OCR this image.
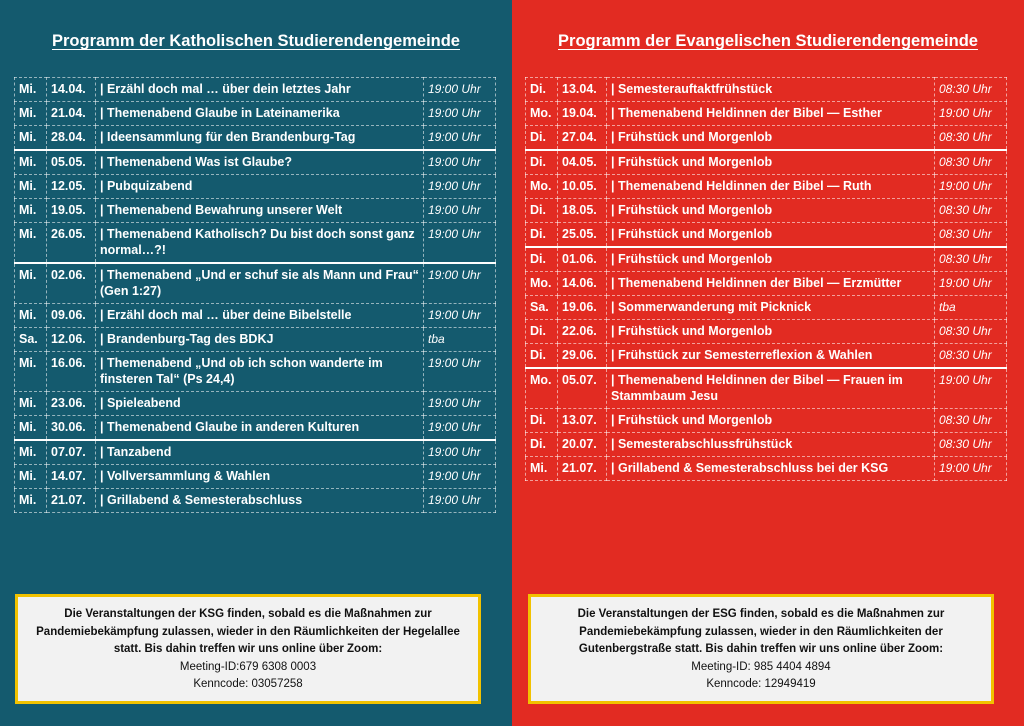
Programm der Katholischen Studierendengemeinde
Mi.	14.04.	| Erzähl doch mal … über dein letztes Jahr	19:00 Uhr
Mi.	21.04.	| Themenabend Glaube in Lateinamerika	19:00 Uhr
Mi.	28.04.	| Ideensammlung für den Brandenburg-Tag	19:00 Uhr
Mi.	05.05.	| Themenabend Was ist Glaube?	19:00 Uhr
Mi.	12.05.	| Pubquizabend	19:00 Uhr
Mi.	19.05.	| Themenabend Bewahrung unserer Welt	19:00 Uhr
Mi.	26.05.	| Themenabend Katholisch? Du bist doch sonst ganz normal…?!	19:00 Uhr
Mi.	02.06.	| Themenabend „Und er schuf sie als Mann und Frau“ (Gen 1:27)	19:00 Uhr
Mi.	09.06.	| Erzähl doch mal … über deine Bibelstelle	19:00 Uhr
Sa.	12.06.	| Brandenburg-Tag des BDKJ	tba
Mi.	16.06.	| Themenabend „Und ob ich schon wanderte im finsteren Tal“ (Ps 24,4)	19:00 Uhr
Mi.	23.06.	| Spieleabend	19:00 Uhr
Mi.	30.06.	| Themenabend Glaube in anderen Kulturen	19:00 Uhr
Mi.	07.07.	| Tanzabend	19:00 Uhr
Mi.	14.07.	| Vollversammlung & Wahlen	19:00 Uhr
Mi.	21.07.	| Grillabend & Semesterabschluss	19:00 Uhr
Die Veranstaltungen der KSG finden, sobald es die Maßnahmen zur Pandemiebekämpfung zulassen, wieder in den Räumlichkeiten der Hegelallee statt. Bis dahin treffen wir uns online über Zoom:
Meeting-ID:679 6308 0003
Kenncode: 03057258
Programm der Evangelischen Studierendengemeinde
Di.	13.04.	| Semesterauftaktfrühstück	08:30 Uhr
Mo.	19.04.	| Themenabend Heldinnen der Bibel — Esther	19:00 Uhr
Di.	27.04.	| Frühstück und Morgenlob	08:30 Uhr
Di.	04.05.	| Frühstück und Morgenlob	08:30 Uhr
Mo.	10.05.	| Themenabend Heldinnen der Bibel — Ruth	19:00 Uhr
Di.	18.05.	| Frühstück und Morgenlob	08:30 Uhr
Di.	25.05.	| Frühstück und Morgenlob	08:30 Uhr
Di.	01.06.	| Frühstück und Morgenlob	08:30 Uhr
Mo.	14.06.	| Themenabend Heldinnen der Bibel — Erzmütter	19:00 Uhr
Sa.	19.06.	| Sommerwanderung mit Picknick	tba
Di.	22.06.	| Frühstück und Morgenlob	08:30 Uhr
Di.	29.06.	| Frühstück zur Semesterreflexion & Wahlen	08:30 Uhr
Mo.	05.07.	| Themenabend Heldinnen der Bibel — Frauen im Stammbaum Jesu	19:00 Uhr
Di.	13.07.	| Frühstück und Morgenlob	08:30 Uhr
Di.	20.07.	| Semesterabschlussfrühstück	08:30 Uhr
Mi.	21.07.	| Grillabend & Semesterabschluss bei der KSG	19:00 Uhr
Die Veranstaltungen der ESG finden, sobald es die Maßnahmen zur Pandemiebekämpfung zulassen, wieder in den Räumlichkeiten der Gutenbergstraße statt. Bis dahin treffen wir uns online über Zoom:
Meeting-ID: 985 4404 4894
Kenncode: 12949419
